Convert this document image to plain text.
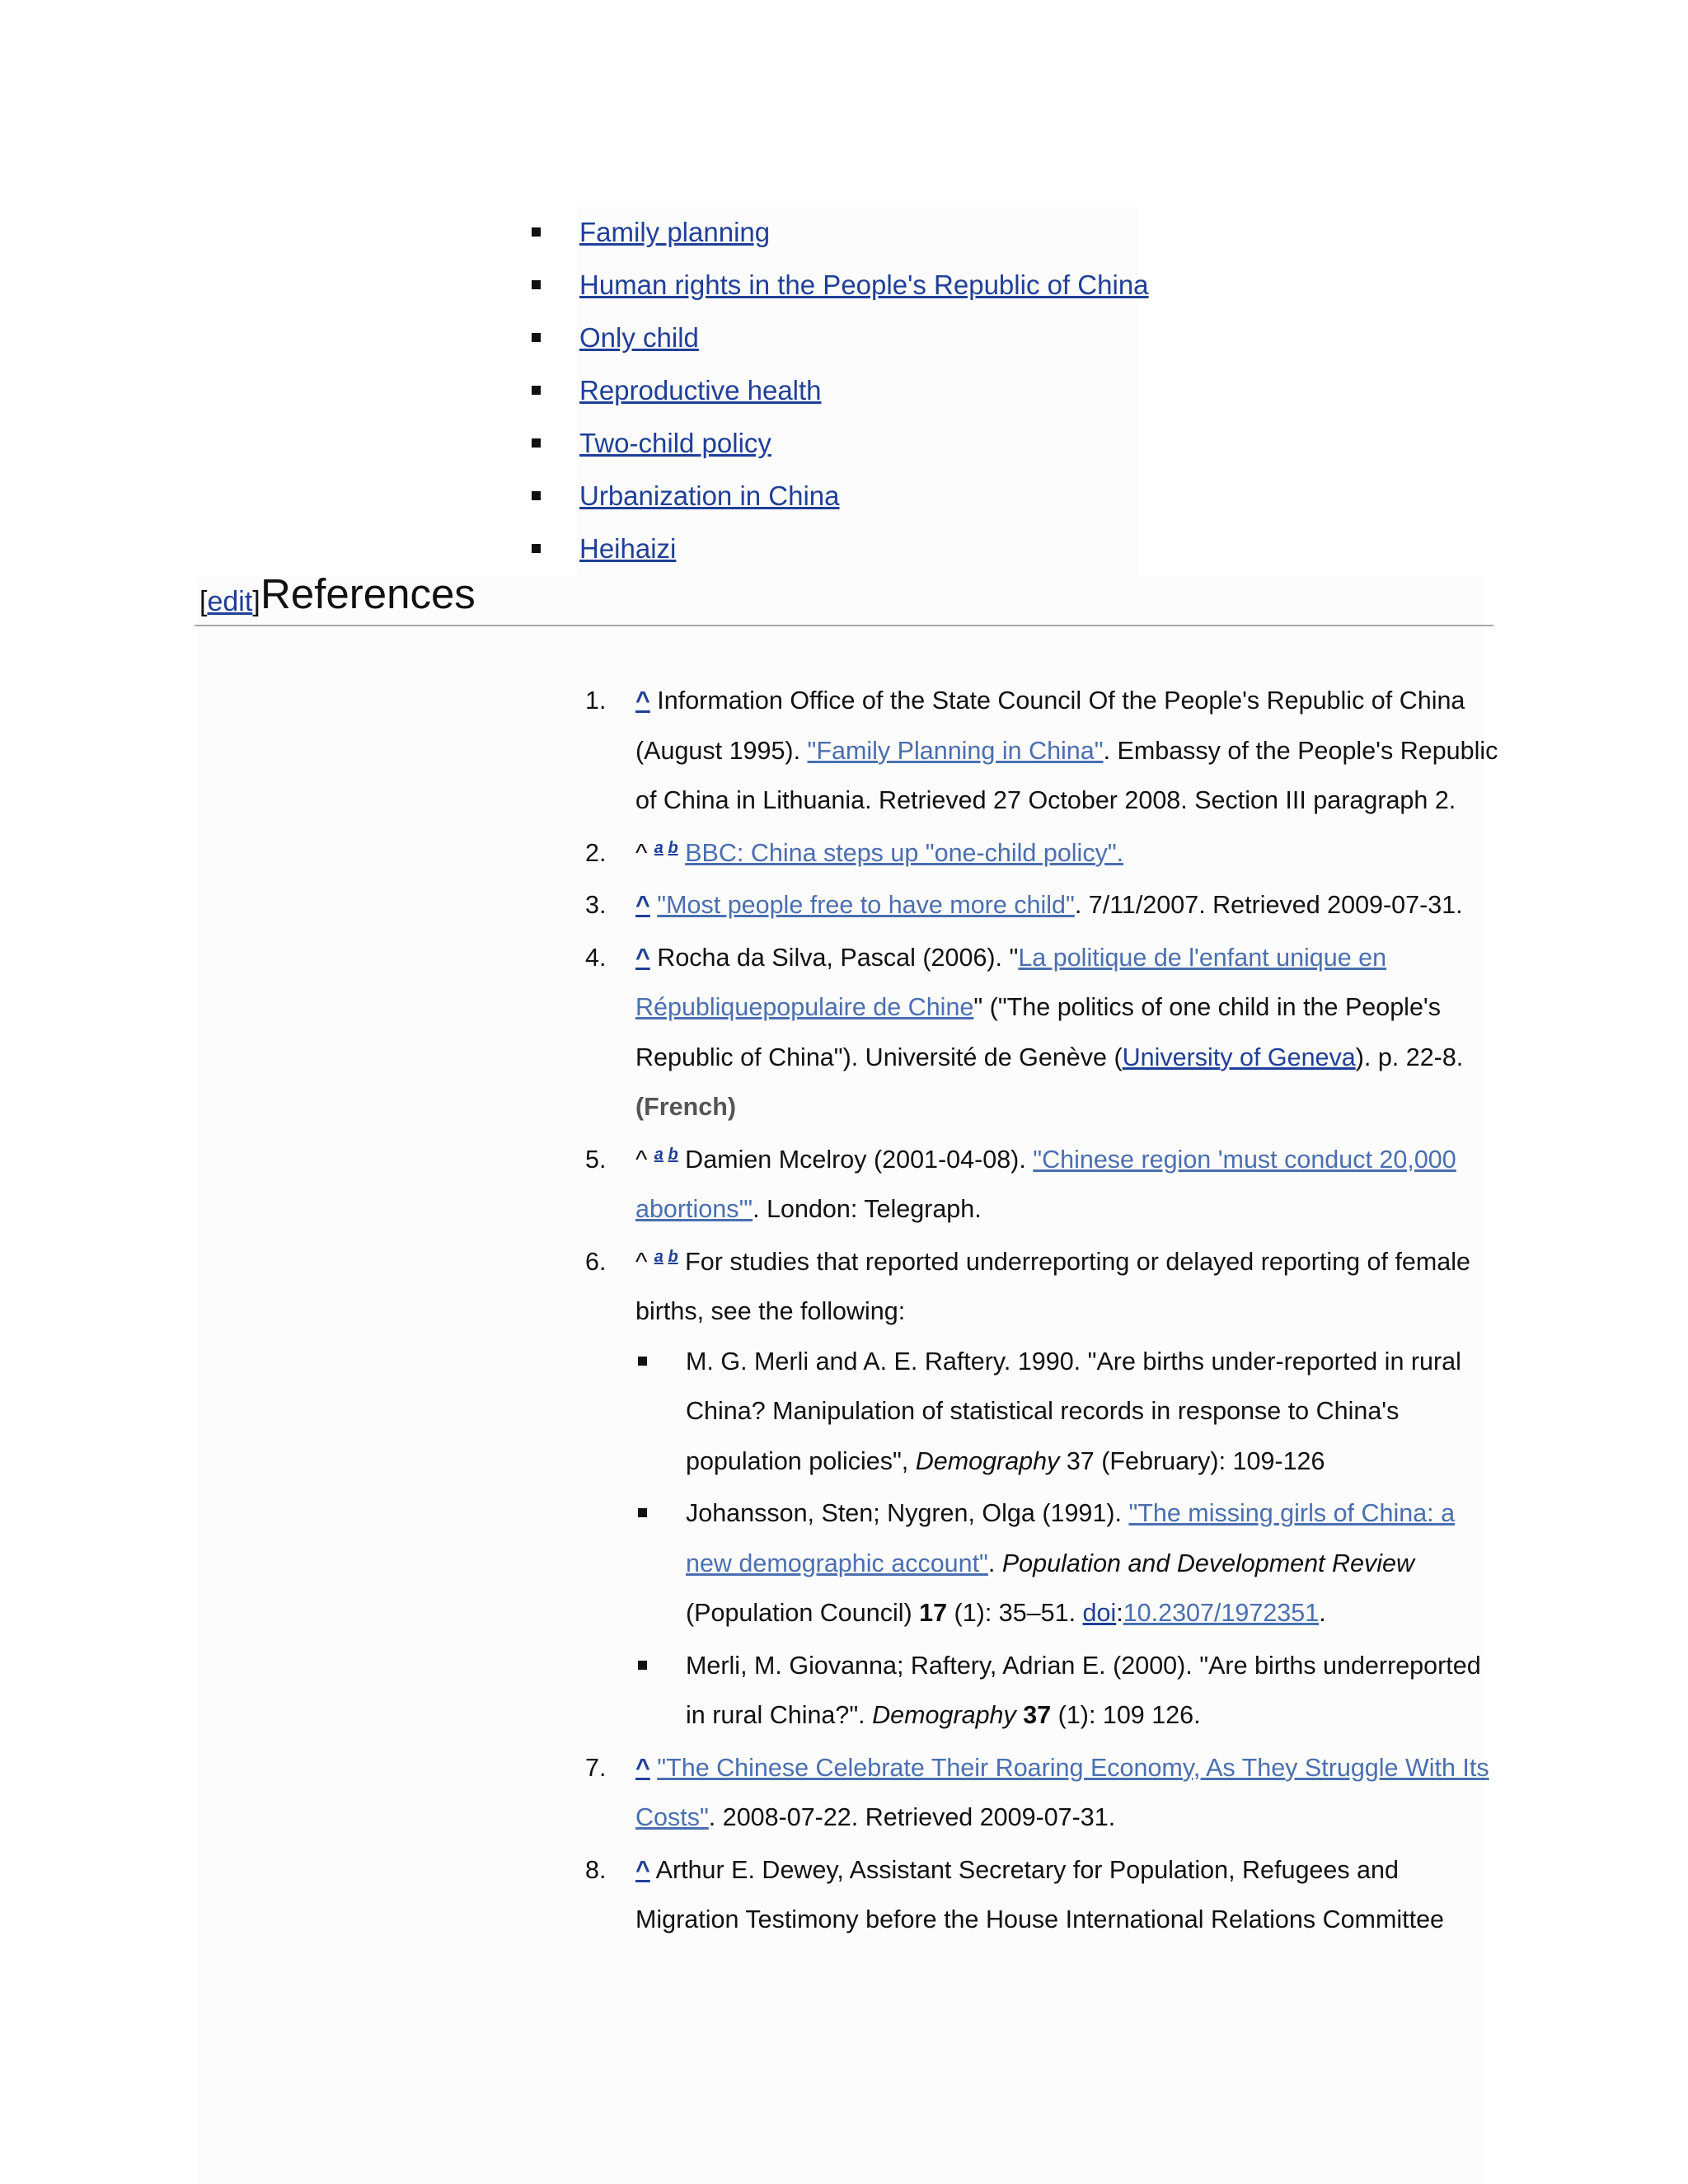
Family planning
Human rights in the People's Republic of China
Only child
Reproductive health
Two-child policy
Urbanization in China
Heihaizi
[edit] References
1.	^ Information Office of the State Council Of the People's Republic of China (August 1995). "Family Planning in China". Embassy of the People's Republic of China in Lithuania. Retrieved 27 October 2008. Section III paragraph 2.
2.	^ $^{a b}$ BBC: China steps up "one-child policy".
3.	^ "Most people free to have more child". 7/11/2007. Retrieved 2009-07-31.
4.	^ Rocha da Silva, Pascal (2006). "La politique de l'enfant unique en Républiquepopulaire de Chine" ("The politics of one child in the People's Republic of China"). Université de Genève (University of Geneva). p. 22-8.(French)
5.	^ $^{a b}$ Damien Mcelroy (2001-04-08). "Chinese region 'must conduct 20,000 abortions'". London: Telegraph.
6.	^ $^{a b}$ For studies that reported underreporting or delayed reporting of female births, see the following:
M. G. Merli and A. E. Raftery. 1990. "Are births under-reported in rural China? Manipulation of statistical records in response to China's population policies", Demography 37 (February): 109-126
Johansson, Sten; Nygren, Olga (1991). "The missing girls of China: a new demographic account". Population and Development Review (Population Council) 17 (1): 35–51. doi:10.2307/1972351.
Merli, M. Giovanna; Raftery, Adrian E. (2000). "Are births underreported in rural China?". Demography 37 (1): 109 126.
7.	^ "The Chinese Celebrate Their Roaring Economy, As They Struggle With Its Costs". 2008-07-22. Retrieved 2009-07-31.
8.	^ Arthur E. Dewey, Assistant Secretary for Population, Refugees and Migration Testimony before the House International Relations Committee
